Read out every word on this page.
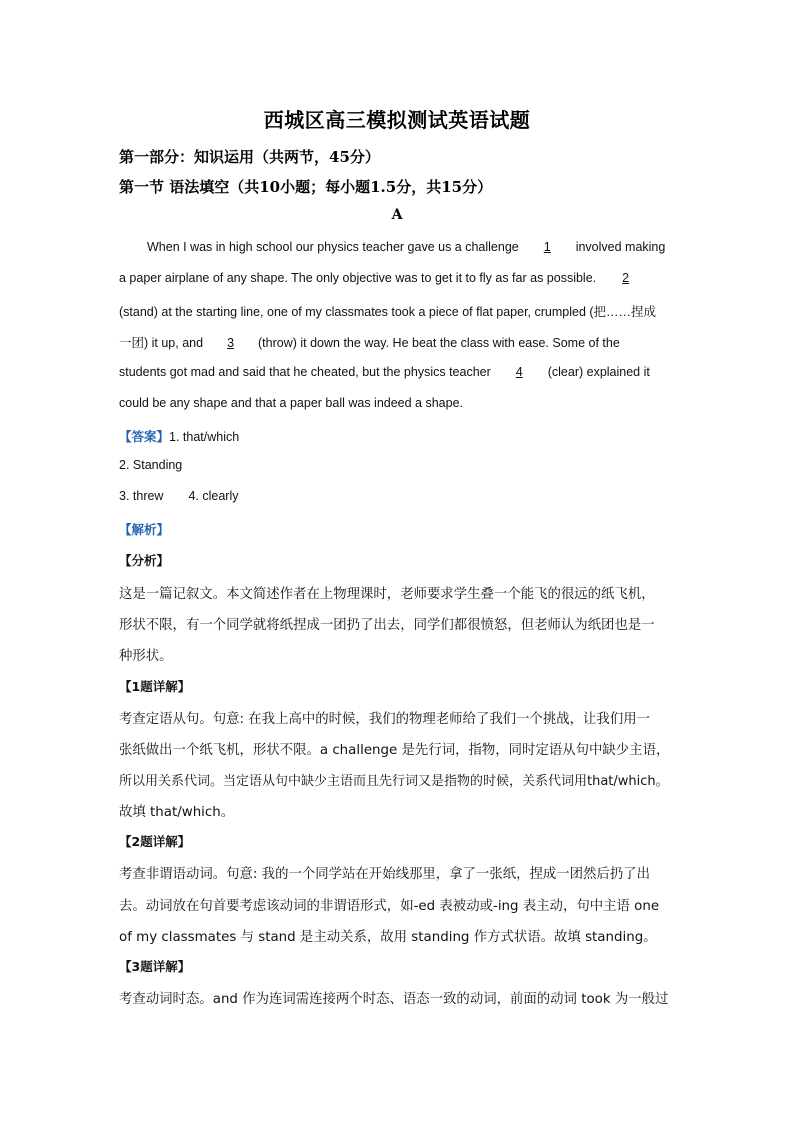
西城区高三模拟测试英语试题
第一部分：知识运用（共两节，45分）
第一节 语法填空（共10小题；每小题1.5分，共15分）
A
When I was in high school our physics teacher gave us a challenge 1 involved making
a paper airplane of any shape. The only objective was to get it to fly as far as possible. 2
(stand) at the starting line, one of my classmates took a piece of flat paper, crumpled (把……捏成
一团) it up, and 3 (throw) it down the way. He beat the class with ease. Some of the
students got mad and said that he cheated, but the physics teacher 4 (clear) explained it
could be any shape and that a paper ball was indeed a shape.
【答案】1. that/which
2. Standing
3. threw 4. clearly
【解析】
【分析】
这是一篇记叙文。本文简述作者在上物理课时，老师要求学生叠一个能飞的很远的纸飞机，
形状不限，有一个同学就将纸捏成一团扔了出去，同学们都很愤怒，但老师认为纸团也是一
种形状。
【1题详解】
考查定语从句。句意: 在我上高中的时候，我们的物理老师给了我们一个挑战，让我们用一
张纸做出一个纸飞机，形状不限。a challenge 是先行词，指物，同时定语从句中缺少主语，
所以用关系代词。当定语从句中缺少主语而且先行词又是指物的时候，关系代词用that/which。
故填 that/which。
【2题详解】
考查非谓语动词。句意: 我的一个同学站在开始线那里，拿了一张纸，捏成一团然后扔了出
去。动词放在句首要考虑该动词的非谓语形式，如-ed 表被动或-ing 表主动，句中主语 one
of my classmates 与 stand 是主动关系，故用 standing 作方式状语。故填 standing。
【3题详解】
考查动词时态。and 作为连词需连接两个时态、语态一致的动词，前面的动词 took 为一般过
